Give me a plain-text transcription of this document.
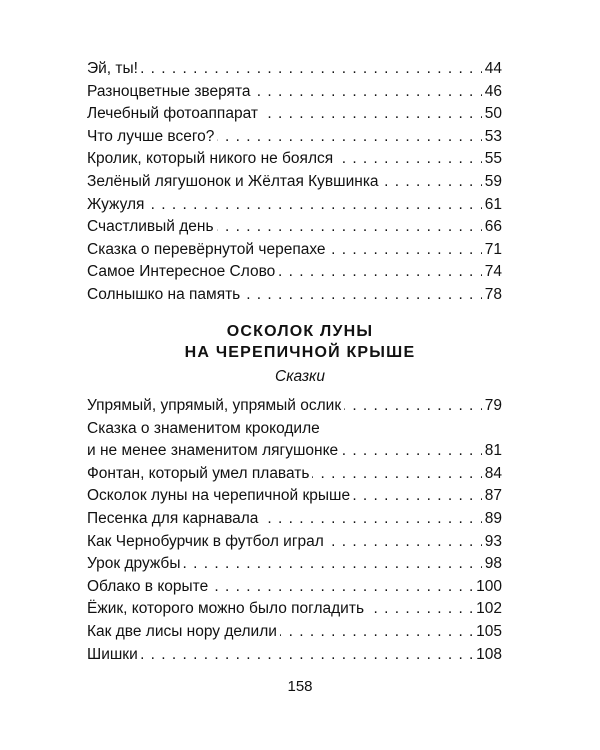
Эй, ты!	44
. . .
Разноцветные зверята	46
. . .
Лечебный фотоаппарат	50
. . .
Что лучше всего?	53
. . .
Кролик, который никого не боялся	55
. . .
Зелёный лягушонок и Жёлтая Кувшинка	59
. . .
Жужуля	61
. . .
Счастливый день	66
. . .
Сказка о перевёрнутой черепахе	71
. . .
Самое Интересное Слово	74
. . .
Солнышко на память	78
. . .
ОСКОЛОК ЛУНЫ
НА ЧЕРЕПИЧНОЙ КРЫШЕ
Сказки
Упрямый, упрямый, упрямый ослик	79
. . .
Сказка о знаменитом крокодиле
и не менее знаменитом лягушонке	81
. . .
Фонтан, который умел плавать	84
. . .
Осколок луны на черепичной крыше	87
. . .
Песенка для карнавала	89
. . .
Как Чернобурчик в футбол играл	93
. . .
Урок дружбы	98
. . .
Облако в корыте	100
. . .
Ёжик, которого можно было погладить	102
. . .
Как две лисы нору делили	105
. . .
Шишки	108
. . .
158
